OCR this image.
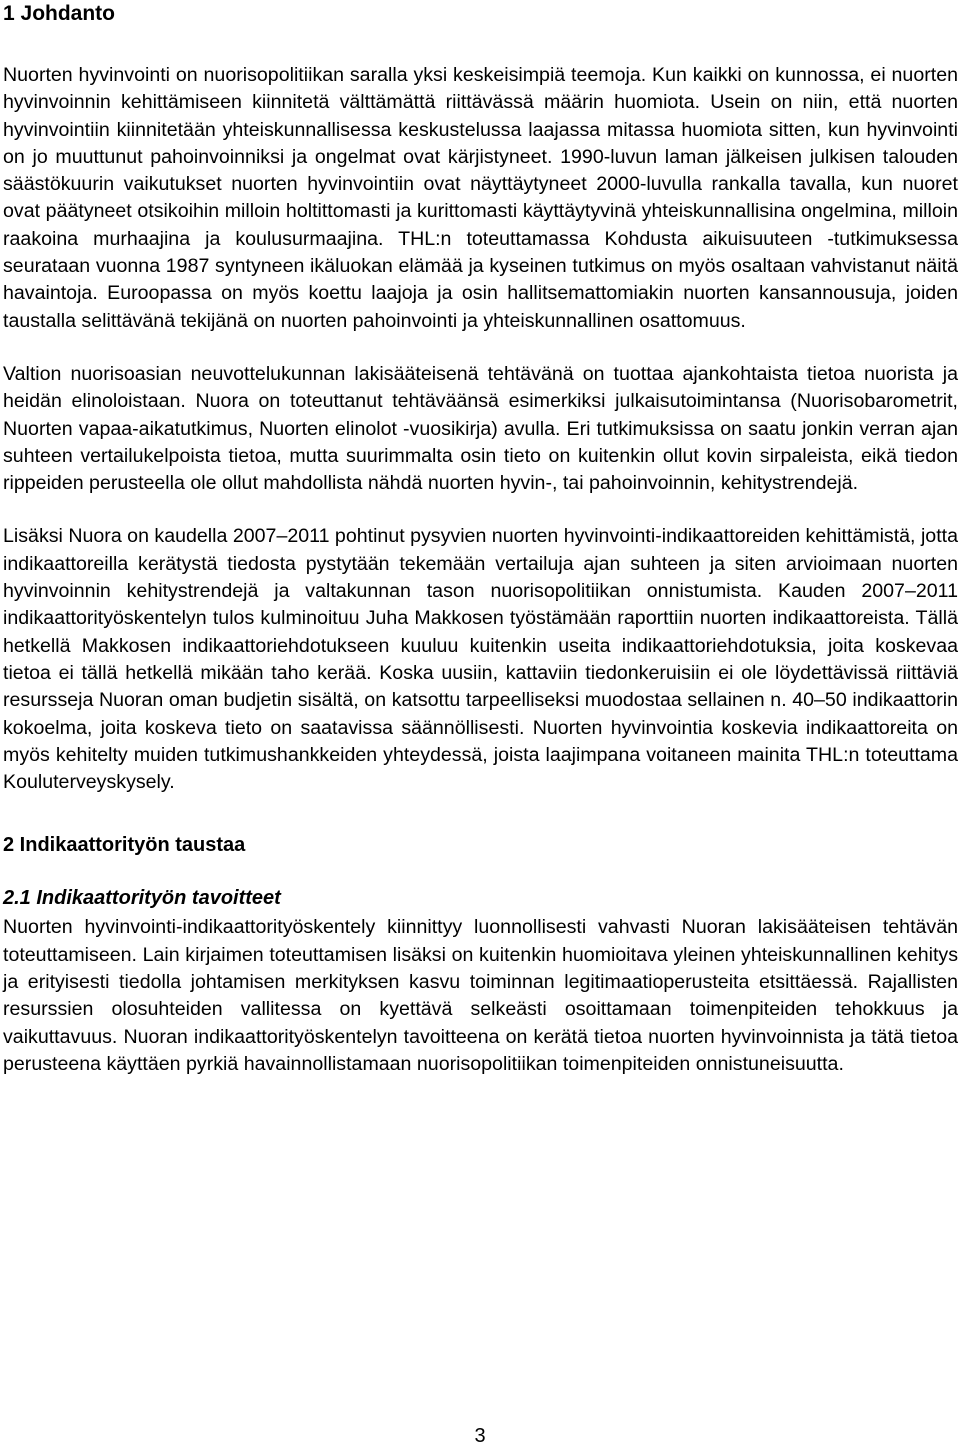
1 Johdanto

Nuorten hyvinvointi on nuorisopolitiikan saralla yksi keskeisimpiä teemoja. Kun kaikki on kunnossa, ei nuorten hyvinvoinnin kehittämiseen kiinnitetä välttämättä riittävässä määrin huomiota. Usein on niin, että nuorten hyvinvointiin kiinnitetään yhteiskunnallisessa keskustelussa laajassa mitassa huomiota sitten, kun hyvinvointi on jo muuttunut pahoinvoinniksi ja ongelmat ovat kärjistyneet. 1990-luvun laman jälkeisen julkisen talouden säästökuurin vaikutukset nuorten hyvinvointiin ovat näyttäytyneet 2000-luvulla rankalla tavalla, kun nuoret ovat päätyneet otsikoihin milloin holtittomasti ja kurittomasti käyttäytyvinä yhteiskunnallisina ongelmina, milloin raakoina murhaajina ja koulusurmaajina. THL:n toteuttamassa Kohdusta aikuisuuteen -tutkimuksessa seurataan vuonna 1987 syntyneen ikäluokan elämää ja kyseinen tutkimus on myös osaltaan vahvistanut näitä havaintoja. Euroopassa on myös koettu laajoja ja osin hallitsemattomiakin nuorten kansannousuja, joiden taustalla selittävänä tekijänä on nuorten pahoinvointi ja yhteiskunnallinen osattomuus.

Valtion nuorisoasian neuvottelukunnan lakisääteisenä tehtävänä on tuottaa ajankohtaista tietoa nuorista ja heidän elinoloistaan. Nuora on toteuttanut tehtäväänsä esimerkiksi julkaisutoimintansa (Nuorisobarometrit, Nuorten vapaa-aikatutkimus, Nuorten elinolot -vuosikirja) avulla. Eri tutkimuksissa on saatu jonkin verran ajan suhteen vertailukelpoista tietoa, mutta suurimmalta osin tieto on kuitenkin ollut kovin sirpaleista, eikä tiedon rippeiden perusteella ole ollut mahdollista nähdä nuorten hyvin-, tai pahoinvoinnin, kehitystrendejä.

Lisäksi Nuora on kaudella 2007–2011 pohtinut pysyvien nuorten hyvinvointi-indikaattoreiden kehittämistä, jotta indikaattoreilla kerätystä tiedosta pystytään tekemään vertailuja ajan suhteen ja siten arvioimaan nuorten hyvinvoinnin kehitystrendejä ja valtakunnan tason nuorisopolitiikan onnistumista. Kauden 2007–2011 indikaattorityöskentelyn tulos kulminoituu Juha Makkosen työstämään raporttiin nuorten indikaattoreista. Tällä hetkellä Makkosen indikaattoriehdotukseen kuuluu kuitenkin useita indikaattoriehdotuksia, joita koskevaa tietoa ei tällä hetkellä mikään taho kerää. Koska uusiin, kattaviin tiedonkeruisiin ei ole löydettävissä riittäviä resursseja Nuoran oman budjetin sisältä, on katsottu tarpeelliseksi muodostaa sellainen n. 40–50 indikaattorin kokoelma, joita koskeva tieto on saatavissa säännöllisesti. Nuorten hyvinvointia koskevia indikaattoreita on myös kehitelty muiden tutkimushankkeiden yhteydessä, joista laajimpana voitaneen mainita THL:n toteuttama Kouluterveyskysely.

2 Indikaattorityön taustaa
2.1 Indikaattorityön tavoitteet

Nuorten hyvinvointi-indikaattorityöskentely kiinnittyy luonnollisesti vahvasti Nuoran lakisääteisen tehtävän toteuttamiseen. Lain kirjaimen toteuttamisen lisäksi on kuitenkin huomioitava yleinen yhteiskunnallinen kehitys ja erityisesti tiedolla johtamisen merkityksen kasvu toiminnan legitimaatioperusteita etsittäessä. Rajallisten resurssien olosuhteiden vallitessa on kyettävä selkeästi osoittamaan toimenpiteiden tehokkuus ja vaikuttavuus. Nuoran indikaattorityöskentelyn tavoitteena on kerätä tietoa nuorten hyvinvoinnista ja tätä tietoa perusteena käyttäen pyrkiä havainnollistamaan nuorisopolitiikan toimenpiteiden onnistuneisuutta.

3
